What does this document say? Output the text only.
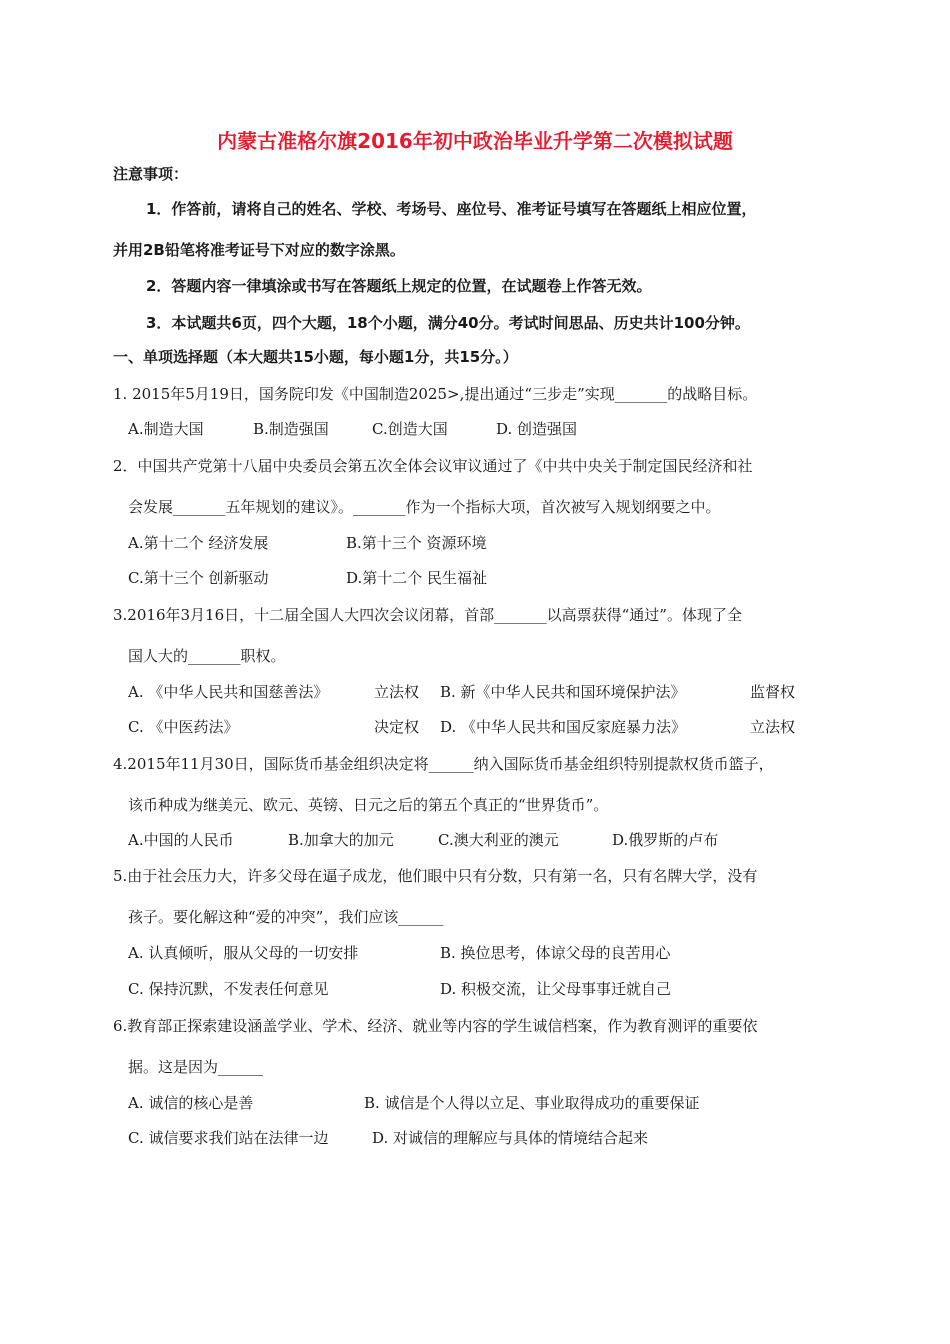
内蒙古准格尔旗2016年初中政治毕业升学第二次模拟试题
注意事项：
1．作答前，请将自己的姓名、学校、考场号、座位号、准考证号填写在答题纸上相应位置，
并用2B铅笔将准考证号下对应的数字涂黑。
2．答题内容一律填涂或书写在答题纸上规定的位置，在试题卷上作答无效。
3．本试题共6页，四个大题，18个小题，满分40分。考试时间思品、历史共计100分钟。
一、单项选择题（本大题共15小题，每小题1分，共15分。）
1. 2015年5月19日，国务院印发《中国制造2025>,提出通过“三步走”实现_______的战略目标。
A.制造大国	B.制造强国	C.创造大国	D. 创造强国
2．中国共产党第十八届中央委员会第五次全体会议审议通过了《中共中央关于制定国民经济和社
会发展_______五年规划的建议》。_______作为一个指标大项，首次被写入规划纲要之中。
A.第十二个 经济发展	B.第十三个 资源环境
C.第十三个 创新驱动	D.第十二个 民生福祉
3.2016年3月16日，十二届全国人大四次会议闭幕，首部_______以高票获得“通过”。体现了全
国人大的_______职权。
A. 《中华人民共和国慈善法》	立法权 B. 新《中华人民共和国环境保护法》	监督权
C. 《中医药法》	决定权 D. 《中华人民共和国反家庭暴力法》	立法权
4.2015年11月30日，国际货币基金组织决定将______纳入国际货币基金组织特别提款权货币篮子，
该币种成为继美元、欧元、英镑、日元之后的第五个真正的“世界货币”。
A.中国的人民币	B.加拿大的加元	C.澳大利亚的澳元	D.俄罗斯的卢布
5.由于社会压力大，许多父母在逼子成龙，他们眼中只有分数，只有第一名，只有名牌大学，没有
孩子。要化解这种“爱的冲突”，我们应该______
A. 认真倾听，服从父母的一切安排	B. 换位思考，体谅父母的良苦用心
C. 保持沉默，不发表任何意见	D. 积极交流，让父母事事迁就自己
6.教育部正探索建设涵盖学业、学术、经济、就业等内容的学生诚信档案，作为教育测评的重要依
据。这是因为______
A. 诚信的核心是善	B. 诚信是个人得以立足、事业取得成功的重要保证
C. 诚信要求我们站在法律一边	D. 对诚信的理解应与具体的情境结合起来
